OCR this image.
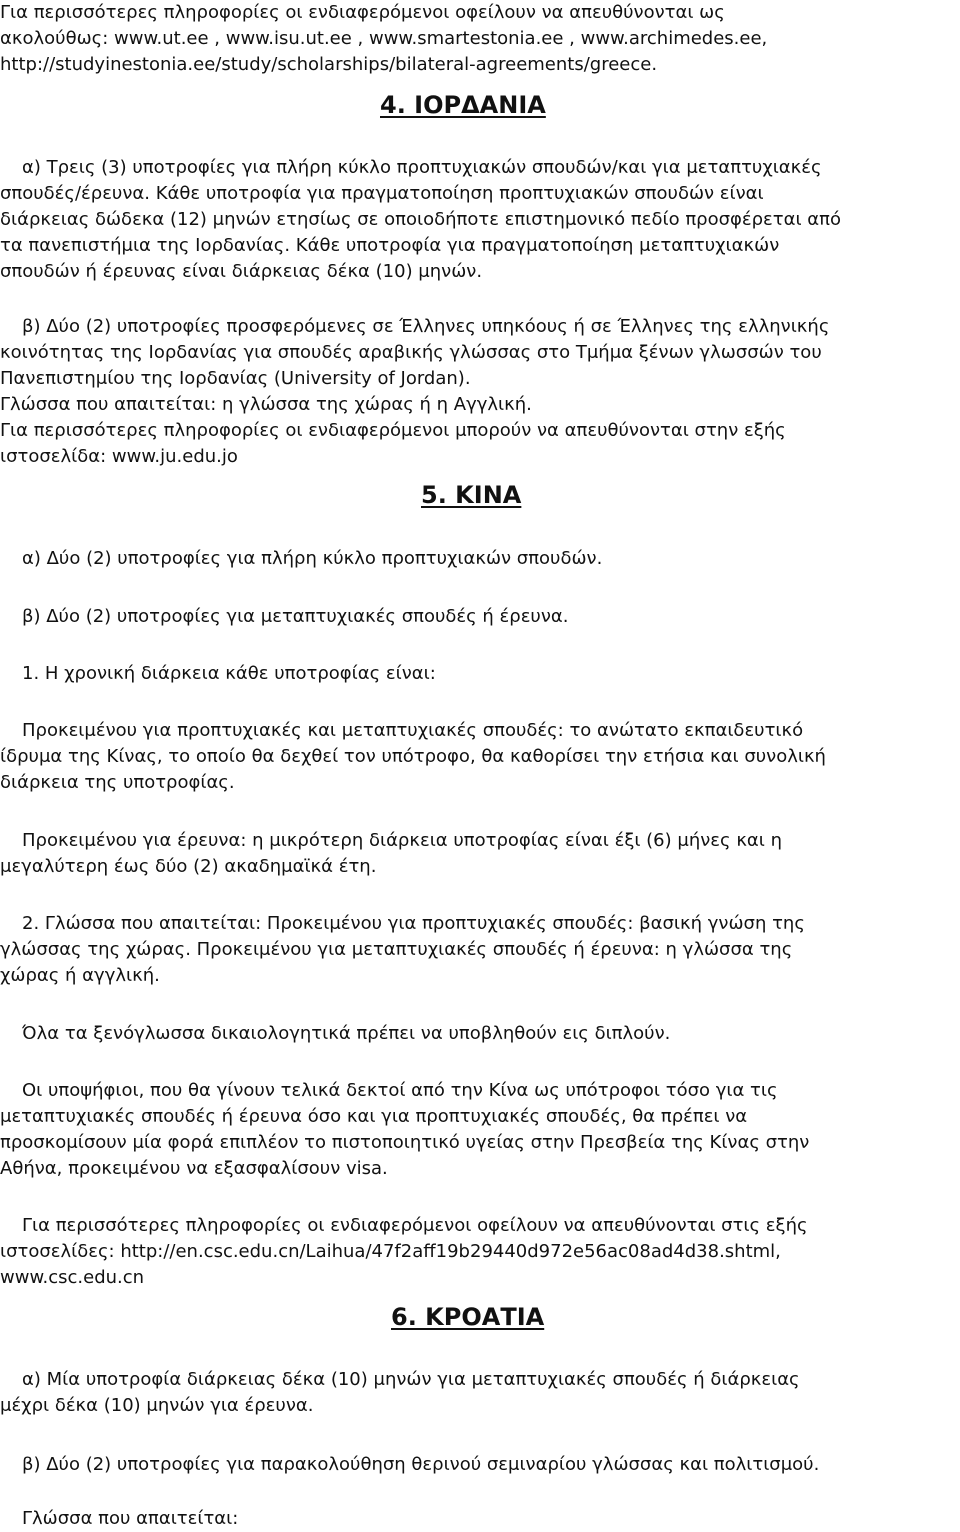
Για περισσότερες πληροφορίες οι ενδιαφερόμενοι οφείλουν να απευθύνονται ως
ακολούθως: www.ut.ee , www.isu.ut.ee , www.smartestonia.ee , www.archimedes.ee,
http://studyinestonia.ee/study/scholarships/bilateral-agreements/greece.
4. ΙΟΡΔΑΝΙΑ
α) Τρεις (3) υποτροφίες για πλήρη κύκλο προπτυχιακών σπουδών/και για μεταπτυχιακές
σπουδές/έρευνα. Κάθε υποτροφία για πραγματοποίηση προπτυχιακών σπουδών είναι
διάρκειας δώδεκα (12) μηνών ετησίως σε οποιοδήποτε επιστημονικό πεδίο προσφέρεται από
τα πανεπιστήμια της Ιορδανίας. Κάθε υποτροφία για πραγματοποίηση μεταπτυχιακών
σπουδών ή έρευνας είναι διάρκειας δέκα (10) μηνών.
β) Δύο (2) υποτροφίες προσφερόμενες σε Έλληνες υπηκόους ή σε Έλληνες της ελληνικής
κοινότητας της Ιορδανίας για σπουδές αραβικής γλώσσας στο Τμήμα ξένων γλωσσών του
Πανεπιστημίου της Ιορδανίας (University of Jordan).
Γλώσσα που απαιτείται: η γλώσσα της χώρας ή η Αγγλική.
Για περισσότερες πληροφορίες οι ενδιαφερόμενοι μπορούν να απευθύνονται στην εξής
ιστοσελίδα: www.ju.edu.jo
5. ΚΙΝΑ
α) Δύο (2) υποτροφίες για πλήρη κύκλο προπτυχιακών σπουδών.
β) Δύο (2) υποτροφίες για μεταπτυχιακές σπουδές ή έρευνα.
1. Η χρονική διάρκεια κάθε υποτροφίας είναι:
Προκειμένου για προπτυχιακές και μεταπτυχιακές σπουδές: το ανώτατο εκπαιδευτικό
ίδρυμα της Κίνας, το οποίο θα δεχθεί τον υπότροφο, θα καθορίσει την ετήσια και συνολική
διάρκεια της υποτροφίας.
Προκειμένου για έρευνα: η μικρότερη διάρκεια υποτροφίας είναι έξι (6) μήνες και η
μεγαλύτερη έως δύο (2) ακαδημαϊκά έτη.
2. Γλώσσα που απαιτείται: Προκειμένου για προπτυχιακές σπουδές: βασική γνώση της
γλώσσας της χώρας. Προκειμένου για μεταπτυχιακές σπουδές ή έρευνα: η γλώσσα της
χώρας ή αγγλική.
Όλα τα ξενόγλωσσα δικαιολογητικά πρέπει να υποβληθούν εις διπλούν.
Οι υποψήφιοι, που θα γίνουν τελικά δεκτοί από την Κίνα ως υπότροφοι τόσο για τις
μεταπτυχιακές σπουδές ή έρευνα όσο και για προπτυχιακές σπουδές, θα πρέπει να
προσκομίσουν μία φορά επιπλέον το πιστοποιητικό υγείας στην Πρεσβεία της Κίνας στην
Αθήνα, προκειμένου να εξασφαλίσουν visa.
Για περισσότερες πληροφορίες οι ενδιαφερόμενοι οφείλουν να απευθύνονται στις εξής
ιστοσελίδες: http://en.csc.edu.cn/Laihua/47f2aff19b29440d972e56ac08ad4d38.shtml,
www.csc.edu.cn
6. ΚΡΟΑΤΙΑ
α) Μία υποτροφία διάρκειας δέκα (10) μηνών για μεταπτυχιακές σπουδές ή διάρκειας
μέχρι δέκα (10) μηνών για έρευνα.
β) Δύο (2) υποτροφίες για παρακολούθηση θερινού σεμιναρίου γλώσσας και πολιτισμού.
Γλώσσα που απαιτείται:
